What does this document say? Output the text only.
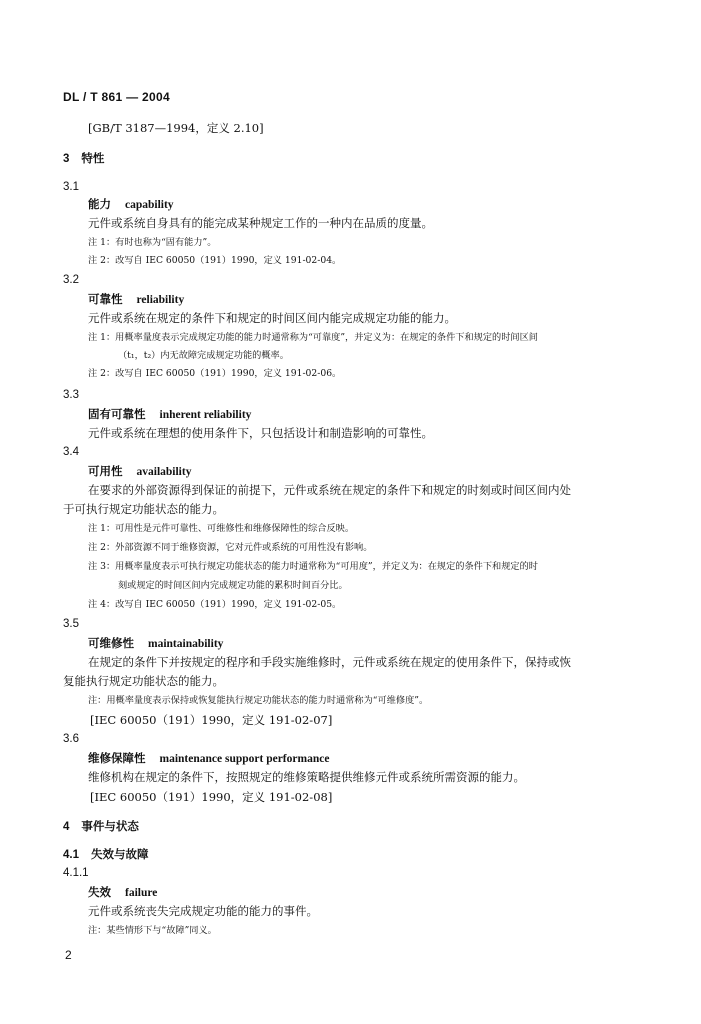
DL / T 861 — 2004
[GB/T 3187—1994，定义 2.10]
3 特性
3.1
能力 capability
元件或系统自身具有的能完成某种规定工作的一种内在品质的度量。
注 1：有时也称为“固有能力”。
注 2：改写自 IEC 60050（191）1990，定义 191-02-04。
3.2
可靠性 reliability
元件或系统在规定的条件下和规定的时间区间内能完成规定功能的能力。
注 1：用概率量度表示完成规定功能的能力时通常称为“可靠度”，并定义为：在规定的条件下和规定的时间区间
（t₁，t₂）内无故障完成规定功能的概率。
注 2：改写自 IEC 60050（191）1990，定义 191-02-06。
3.3
固有可靠性 inherent reliability
元件或系统在理想的使用条件下，只包括设计和制造影响的可靠性。
3.4
可用性 availability
在要求的外部资源得到保证的前提下，元件或系统在规定的条件下和规定的时刻或时间区间内处
于可执行规定功能状态的能力。
注 1：可用性是元件可靠性、可维修性和维修保障性的综合反映。
注 2：外部资源不同于维修资源，它对元件或系统的可用性没有影响。
注 3：用概率量度表示可执行规定功能状态的能力时通常称为“可用度”，并定义为：在规定的条件下和规定的时
刻或规定的时间区间内完成规定功能的累积时间百分比。
注 4：改写自 IEC 60050（191）1990，定义 191-02-05。
3.5
可维修性 maintainability
在规定的条件下并按规定的程序和手段实施维修时，元件或系统在规定的使用条件下，保持或恢
复能执行规定功能状态的能力。
注：用概率量度表示保持或恢复能执行规定功能状态的能力时通常称为“可维修度”。
[IEC 60050（191）1990，定义 191-02-07]
3.6
维修保障性 maintenance support performance
维修机构在规定的条件下，按照规定的维修策略提供维修元件或系统所需资源的能力。
[IEC 60050（191）1990，定义 191-02-08]
4 事件与状态
4.1 失效与故障
4.1.1
失效 failure
元件或系统丧失完成规定功能的能力的事件。
注：某些情形下与“故障”同义。
2
